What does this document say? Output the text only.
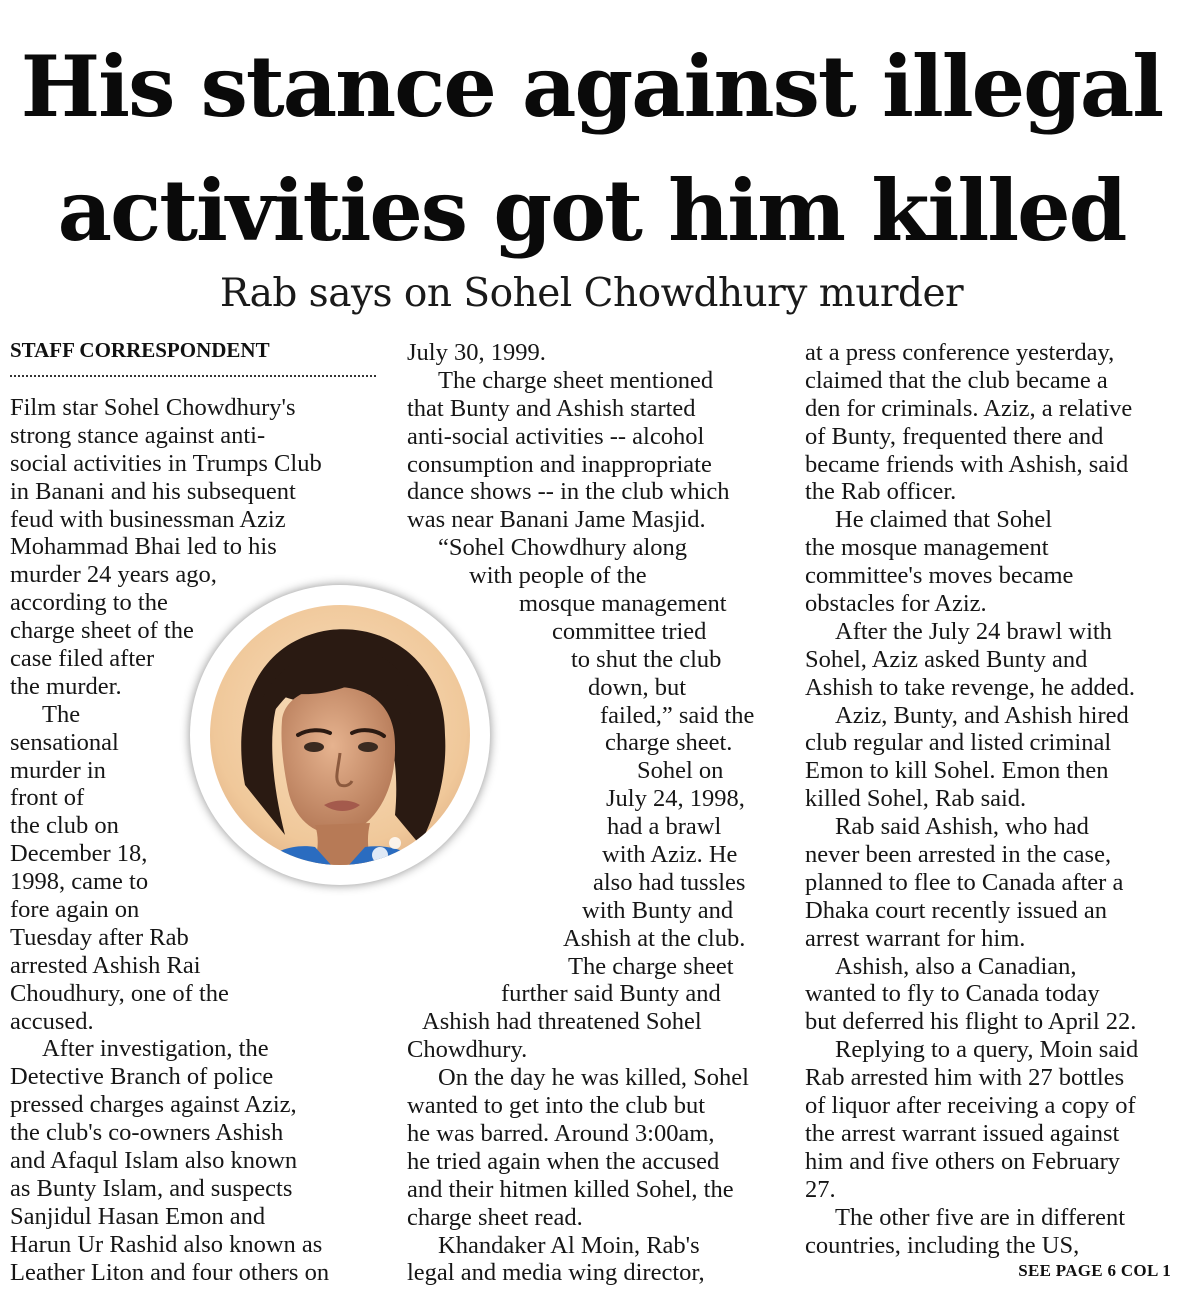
His stance against illegal
activities got him killed
Rab says on Sohel Chowdhury murder
STAFF CORRESPONDENT
Film star Sohel Chowdhury's
strong stance against anti-
social activities in Trumps Club
in Banani and his subsequent
feud with businessman Aziz
Mohammad Bhai led to his
murder 24 years ago,
according to the
charge sheet of the
case filed after
the murder.
The
sensational
murder in
front of
the club on
December 18,
1998, came to
fore again on
Tuesday after Rab
arrested Ashish Rai
Choudhury, one of the
accused.
After investigation, the
Detective Branch of police
pressed charges against Aziz,
the club's co-owners Ashish
and Afaqul Islam also known
as Bunty Islam, and suspects
Sanjidul Hasan Emon and
Harun Ur Rashid also known as
Leather Liton and four others on
July 30, 1999.
The charge sheet mentioned
that Bunty and Ashish started
anti-social activities -- alcohol
consumption and inappropriate
dance shows -- in the club which
was near Banani Jame Masjid.
“Sohel Chowdhury along
with people of the
mosque management
committee tried
to shut the club
down, but
failed,” said the
charge sheet.
Sohel on
July 24, 1998,
had a brawl
with Aziz. He
also had tussles
with Bunty and
Ashish at the club.
The charge sheet
further said Bunty and
Ashish had threatened Sohel
Chowdhury.
On the day he was killed, Sohel
wanted to get into the club but
he was barred. Around 3:00am,
he tried again when the accused
and their hitmen killed Sohel, the
charge sheet read.
Khandaker Al Moin, Rab's
legal and media wing director,
at a press conference yesterday,
claimed that the club became a
den for criminals. Aziz, a relative
of Bunty, frequented there and
became friends with Ashish, said
the Rab officer.
He claimed that Sohel
the mosque management
committee's moves became
obstacles for Aziz.
After the July 24 brawl with
Sohel, Aziz asked Bunty and
Ashish to take revenge, he added.
Aziz, Bunty, and Ashish hired
club regular and listed criminal
Emon to kill Sohel. Emon then
killed Sohel, Rab said.
Rab said Ashish, who had
never been arrested in the case,
planned to flee to Canada after a
Dhaka court recently issued an
arrest warrant for him.
Ashish, also a Canadian,
wanted to fly to Canada today
but deferred his flight to April 22.
Replying to a query, Moin said
Rab arrested him with 27 bottles
of liquor after receiving a copy of
the arrest warrant issued against
him and five others on February
27.
The other five are in different
countries, including the US,
SEE PAGE 6 COL 1
